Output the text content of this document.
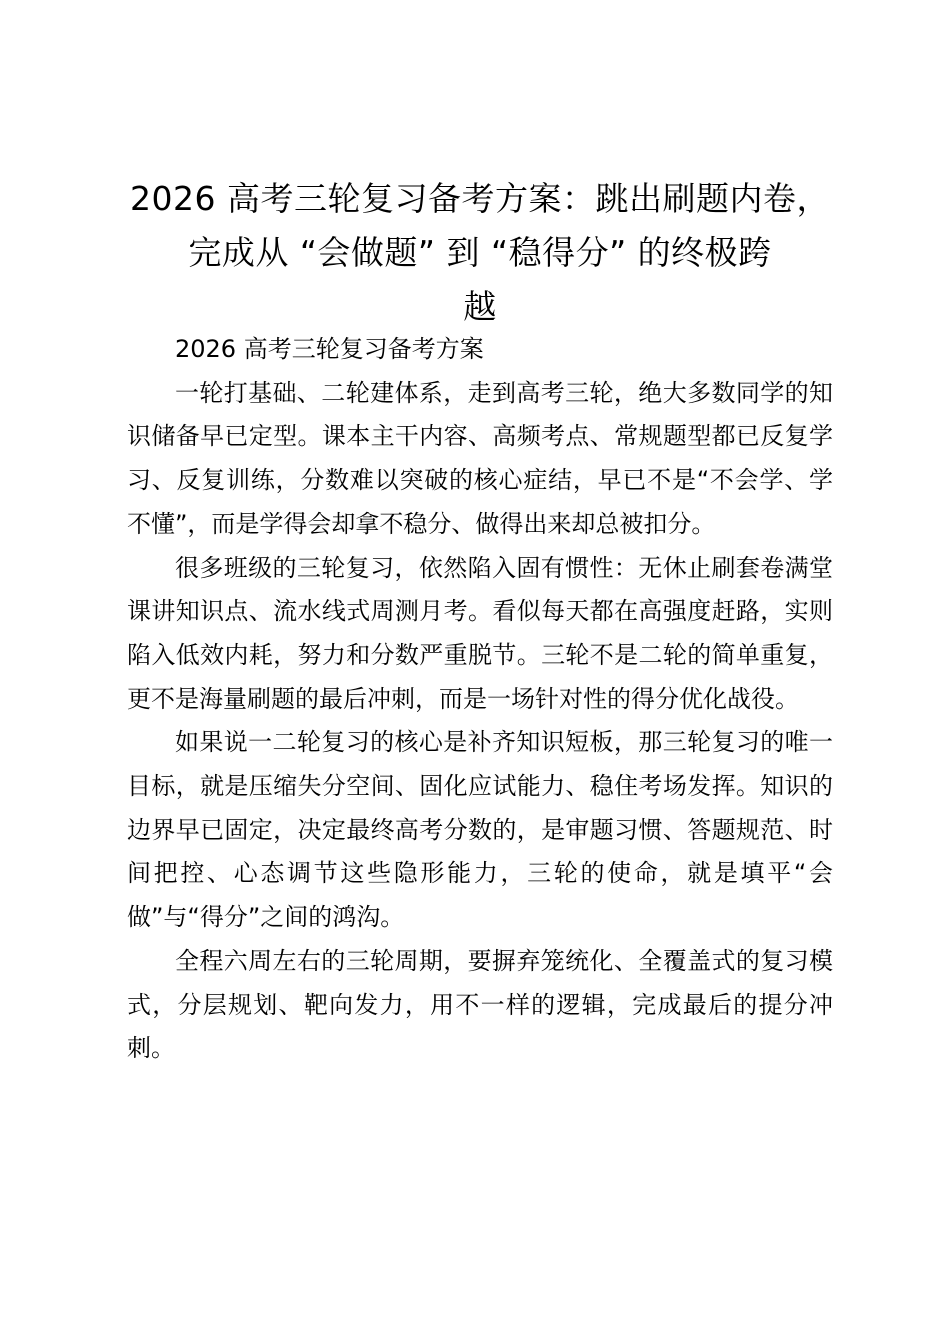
2026 高考三轮复习备考方案：跳出刷题内卷，
完成从 “会做题” 到 “稳得分” 的终极跨
越

2026 高考三轮复习备考方案

一轮打基础、二轮建体系，走到高考三轮，绝大多数同学的知识储备早已定型。课本主干内容、高频考点、常规题型都已反复学习、反复训练，分数难以突破的核心症结，早已不是“不会学、学不懂”，而是学得会却拿不稳分、做得出来却总被扣分。

很多班级的三轮复习，依然陷入固有惯性：无休止刷套卷满堂课讲知识点、流水线式周测月考。看似每天都在高强度赶路，实则陷入低效内耗，努力和分数严重脱节。三轮不是二轮的简单重复，更不是海量刷题的最后冲刺，而是一场针对性的得分优化战役。

如果说一二轮复习的核心是补齐知识短板，那三轮复习的唯一目标，就是压缩失分空间、固化应试能力、稳住考场发挥。知识的边界早已固定，决定最终高考分数的，是审题习惯、答题规范、时间把控、心态调节这些隐形能力，三轮的使命，就是填平“会做”与“得分”之间的鸿沟。

全程六周左右的三轮周期，要摒弃笼统化、全覆盖式的复习模式，分层规划、靶向发力，用不一样的逻辑，完成最后的提分冲刺。
